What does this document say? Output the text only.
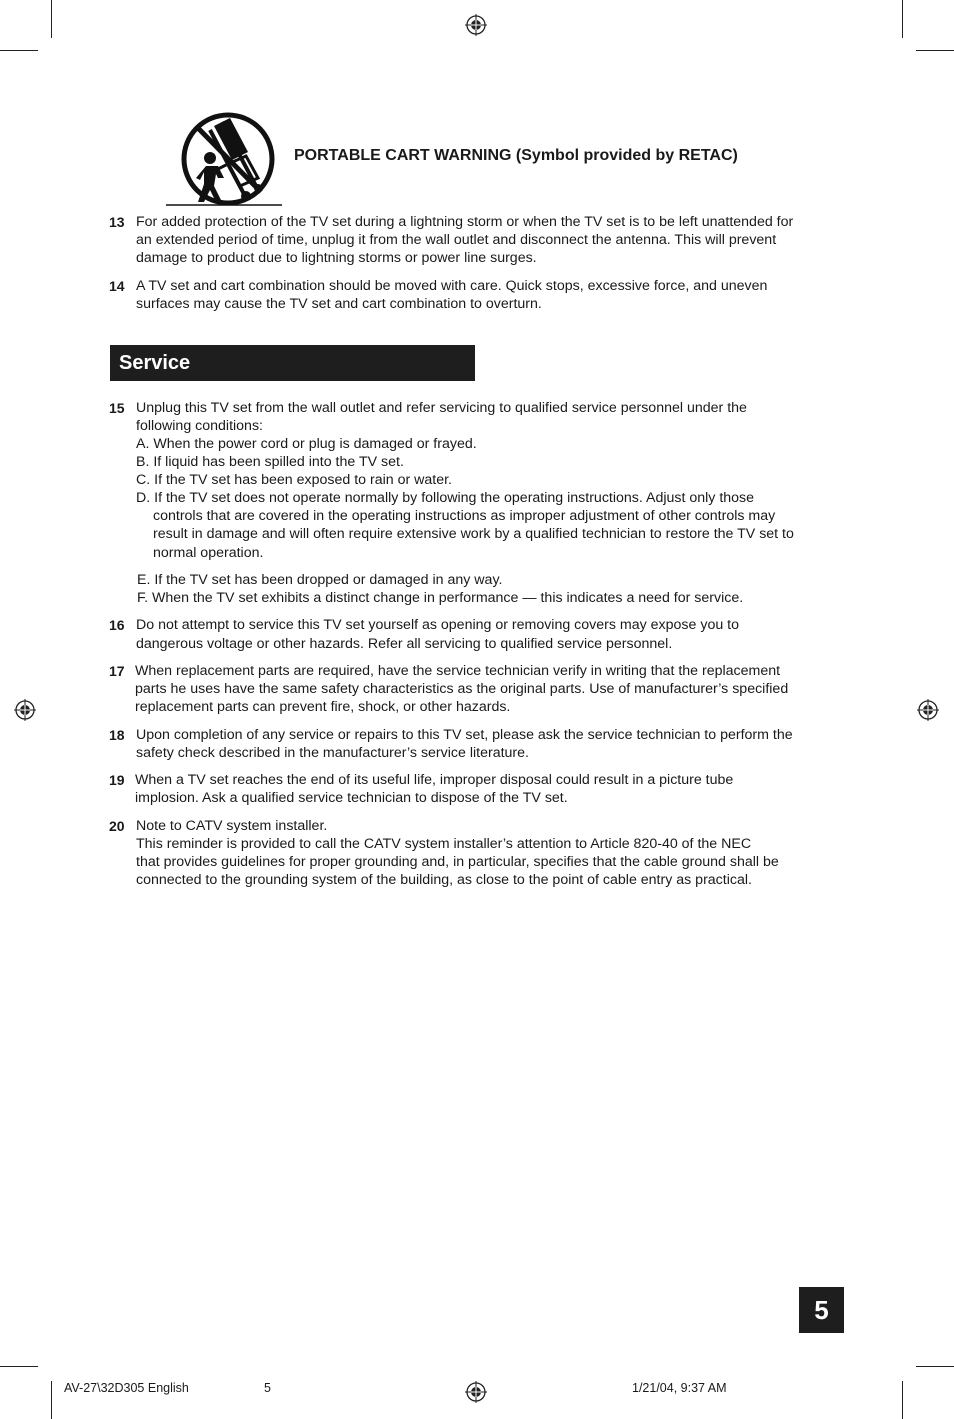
PORTABLE CART WARNING (Symbol provided by RETAC)
13 For added protection of the TV set during a lightning storm or when the TV set is to be left unattended for
an extended period of time, unplug it from the wall outlet and disconnect the antenna. This will prevent
damage to product due to lightning storms or power line surges.
14 A TV set and cart combination should be moved with care. Quick stops, excessive force, and uneven
surfaces may cause the TV set and cart combination to overturn.
Service
15 Unplug this TV set from the wall outlet and refer servicing to qualified service personnel under the
following conditions:
A. When the power cord or plug is damaged or frayed.
B. If liquid has been spilled into the TV set.
C. If the TV set has been exposed to rain or water.
D. If the TV set does not operate normally by following the operating instructions. Adjust only those
controls that are covered in the operating instructions as improper adjustment of other controls may
result in damage and will often require extensive work by a qualified technician to restore the TV set to
normal operation.
E. If the TV set has been dropped or damaged in any way.
F. When the TV set exhibits a distinct change in performance — this indicates a need for service.
16 Do not attempt to service this TV set yourself as opening or removing covers may expose you to
dangerous voltage or other hazards. Refer all servicing to qualified service personnel.
17 When replacement parts are required, have the service technician verify in writing that the replacement
parts he uses have the same safety characteristics as the original parts. Use of manufacturer’s specified
replacement parts can prevent fire, shock, or other hazards.
18 Upon completion of any service or repairs to this TV set, please ask the service technician to perform the
safety check described in the manufacturer’s service literature.
19 When a TV set reaches the end of its useful life, improper disposal could result in a picture tube
implosion. Ask a qualified service technician to dispose of the TV set.
20 Note to CATV system installer.
This reminder is provided to call the CATV system installer’s attention to Article 820-40 of the NEC
that provides guidelines for proper grounding and, in particular, specifies that the cable ground shall be
connected to the grounding system of the building, as close to the point of cable entry as practical.
5
AV-27\32D305 English	5	1/21/04, 9:37 AM
